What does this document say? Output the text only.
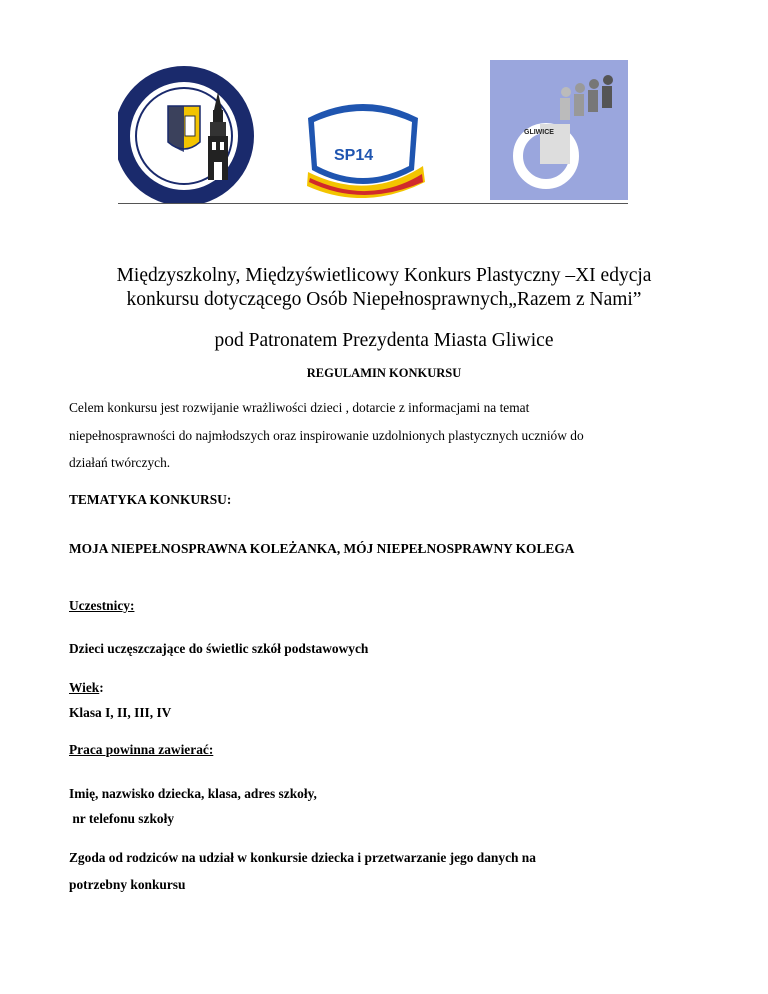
SP14
GLIWICE
Międzyszkolny, Międzyświetlicowy Konkurs Plastyczny –XI edycja
konkursu dotyczącego Osób Niepełnosprawnych„Razem z Nami”
pod Patronatem Prezydenta Miasta Gliwice
REGULAMIN KONKURSU
Celem konkursu jest rozwijanie wrażliwości dzieci , dotarcie z informacjami na temat
niepełnosprawności do najmłodszych oraz inspirowanie uzdolnionych plastycznych uczniów do
działań twórczych.
TEMATYKA KONKURSU:
MOJA NIEPEŁNOSPRAWNA KOLEŻANKA, MÓJ NIEPEŁNOSPRAWNY KOLEGA
Uczestnicy:
Dzieci uczęszczające do świetlic szkół podstawowych
Wiek:
Klasa I, II, III, IV
Praca powinna zawierać:
Imię, nazwisko dziecka, klasa, adres szkoły,
nr telefonu szkoły
Zgoda od rodziców na udział w konkursie dziecka i przetwarzanie jego danych na
potrzebny konkursu
